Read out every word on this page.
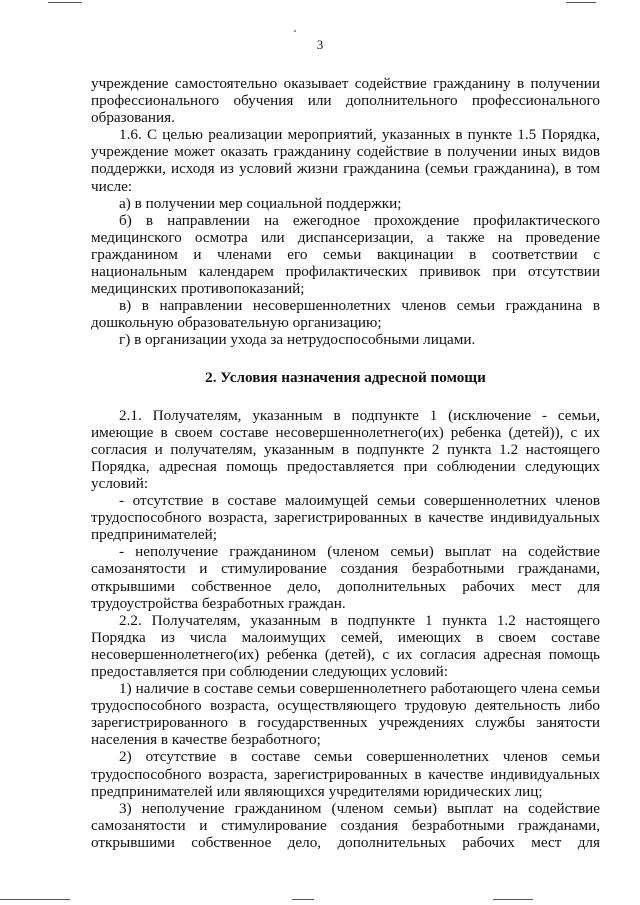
3

учреждение самостоятельно оказывает содействие гражданину в получении профессионального обучения или дополнительного профессионального образования.

1.6. С целью реализации мероприятий, указанных в пункте 1.5 Порядка, учреждение может оказать гражданину содействие в получении иных видов поддержки, исходя из условий жизни гражданина (семьи гражданина), в том числе:

а) в получении мер социальной поддержки;

б) в направлении на ежегодное прохождение профилактического медицинского осмотра или диспансеризации, а также на проведение гражданином и членами его семьи вакцинации в соответствии с национальным календарем профилактических прививок при отсутствии медицинских противопоказаний;

в) в направлении несовершеннолетних членов семьи гражданина в дошкольную образовательную организацию;

г) в организации ухода за нетрудоспособными лицами.

2. Условия назначения адресной помощи

2.1. Получателям, указанным в подпункте 1 (исключение - семьи, имеющие в своем составе несовершеннолетнего(их) ребенка (детей)), с их согласия и получателям, указанным в подпункте 2 пункта 1.2 настоящего Порядка, адресная помощь предоставляется при соблюдении следующих условий:

- отсутствие в составе малоимущей семьи совершеннолетних членов трудоспособного возраста, зарегистрированных в качестве индивидуальных предпринимателей;

- неполучение гражданином (членом семьи) выплат на содействие самозанятости и стимулирование создания безработными гражданами, открывшими собственное дело, дополнительных рабочих мест для трудоустройства безработных граждан.

2.2. Получателям, указанным в подпункте 1 пункта 1.2 настоящего Порядка из числа малоимущих семей, имеющих в своем составе несовершеннолетнего(их) ребенка (детей), с их согласия адресная помощь предоставляется при соблюдении следующих условий:

1) наличие в составе семьи совершеннолетнего работающего члена семьи трудоспособного возраста, осуществляющего трудовую деятельность либо зарегистрированного в государственных учреждениях службы занятости населения в качестве безработного;

2) отсутствие в составе семьи совершеннолетних членов семьи трудоспособного возраста, зарегистрированных в качестве индивидуальных предпринимателей или являющихся учредителями юридических лиц;

3) неполучение гражданином (членом семьи) выплат на содействие самозанятости и стимулирование создания безработными гражданами, открывшими собственное дело, дополнительных рабочих мест для
